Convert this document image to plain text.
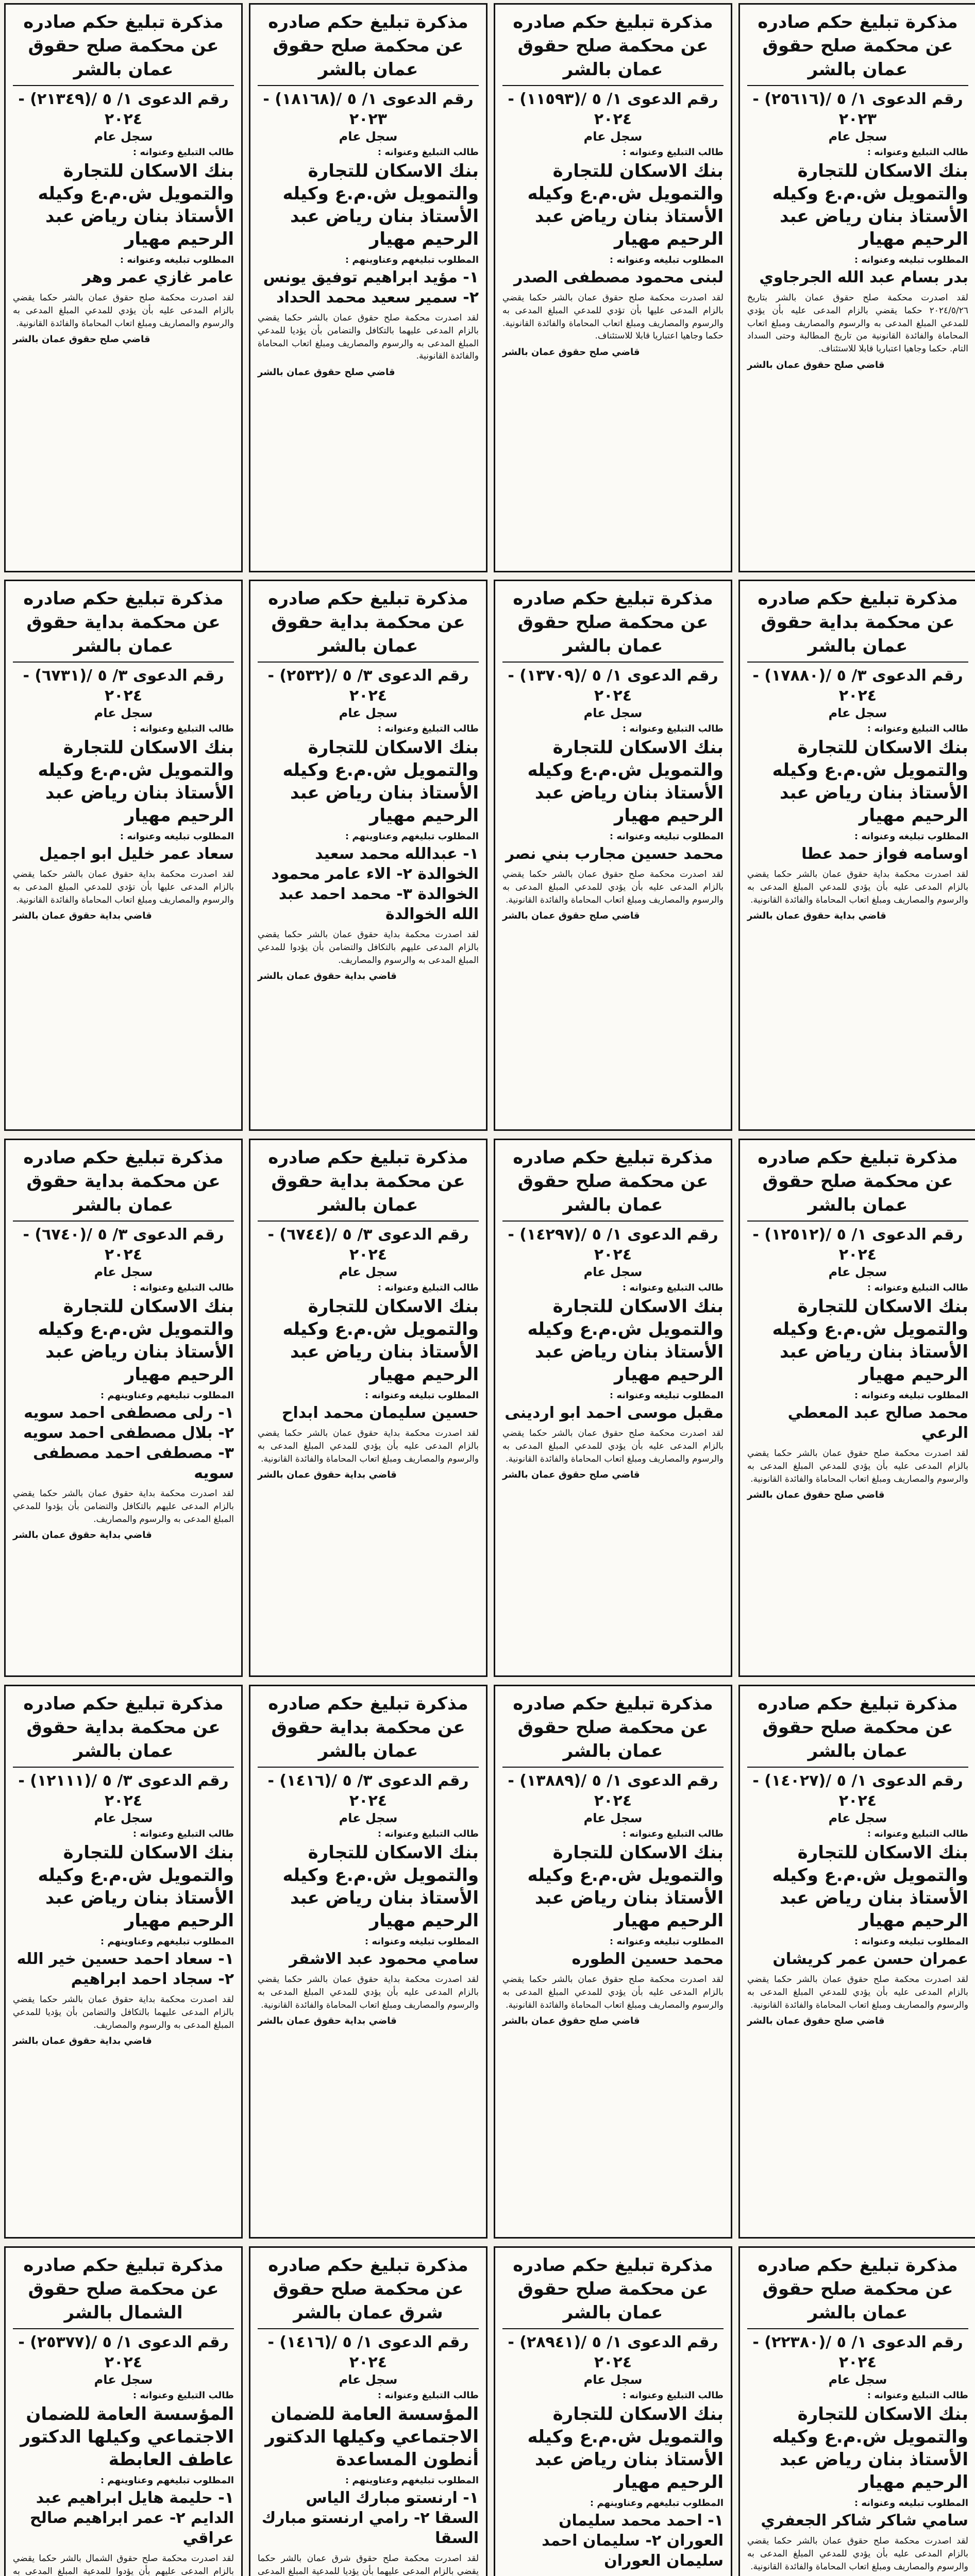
مذكرة تبليغ حكم صادره عن محكمة صلح حقوق عمان بالشر
رقم الدعوى ١/ ٥ /(٢٥٦١٦) - ٢٠٢٣
سجل عام
طالب التبليغ وعنوانه :
بنك الاسكان للتجارة والتمويل ش.م.ع وكيله الأستاذ بنان رياض عبد الرحيم مهيار
المطلوب تبليغه وعنوانه :
بدر بسام عبد الله الجرجاوي
لقد اصدرت محكمة صلح حقوق عمان بالشر بتاريخ ٢٠٢٤/٥/٢٦ حكما يقضي بالزام المدعى عليه بأن يؤدي للمدعي المبلغ المدعى به والرسوم والمصاريف ومبلغ اتعاب المحاماة والفائدة القانونية من تاريخ المطالبة وحتى السداد التام. حكما وجاهيا اعتباريا قابلا للاستئناف.
قاضي صلح حقوق عمان بالشر
مذكرة تبليغ حكم صادره عن محكمة صلح حقوق عمان بالشر
رقم الدعوى ١/ ٥ /(١١٥٩٣) - ٢٠٢٤
سجل عام
طالب التبليغ وعنوانه :
بنك الاسكان للتجارة والتمويل ش.م.ع وكيله الأستاذ بنان رياض عبد الرحيم مهيار
المطلوب تبليغه وعنوانه :
لبنى محمود مصطفى الصدر
لقد اصدرت محكمة صلح حقوق عمان بالشر حكما يقضي بالزام المدعى عليها بأن تؤدي للمدعي المبلغ المدعى به والرسوم والمصاريف ومبلغ اتعاب المحاماة والفائدة القانونية. حكما وجاهيا اعتباريا قابلا للاستئناف.
قاضي صلح حقوق عمان بالشر
مذكرة تبليغ حكم صادره عن محكمة صلح حقوق عمان بالشر
رقم الدعوى ١/ ٥ /(١٨١٦٨) - ٢٠٢٣
سجل عام
طالب التبليغ وعنوانه :
بنك الاسكان للتجارة والتمويل ش.م.ع وكيله الأستاذ بنان رياض عبد الرحيم مهيار
المطلوب تبليغهم وعناوينهم :
١- مؤيد ابراهيم توفيق يونس ٢- سمير سعيد محمد الحداد
لقد اصدرت محكمة صلح حقوق عمان بالشر حكما يقضي بالزام المدعى عليهما بالتكافل والتضامن بأن يؤديا للمدعي المبلغ المدعى به والرسوم والمصاريف ومبلغ اتعاب المحاماة والفائدة القانونية.
قاضي صلح حقوق عمان بالشر
مذكرة تبليغ حكم صادره عن محكمة صلح حقوق عمان بالشر
رقم الدعوى ١/ ٥ /(٢١٣٤٩) - ٢٠٢٤
سجل عام
طالب التبليغ وعنوانه :
بنك الاسكان للتجارة والتمويل ش.م.ع وكيله الأستاذ بنان رياض عبد الرحيم مهيار
المطلوب تبليغه وعنوانه :
عامر غازي عمر وهر
لقد اصدرت محكمة صلح حقوق عمان بالشر حكما يقضي بالزام المدعى عليه بأن يؤدي للمدعي المبلغ المدعى به والرسوم والمصاريف ومبلغ اتعاب المحاماة والفائدة القانونية.
قاضي صلح حقوق عمان بالشر
مذكرة تبليغ حكم صادره عن محكمة بداية حقوق عمان بالشر
رقم الدعوى ٣/ ٥ /(١٧٨٨٠) - ٢٠٢٤
سجل عام
طالب التبليغ وعنوانه :
بنك الاسكان للتجارة والتمويل ش.م.ع وكيله الأستاذ بنان رياض عبد الرحيم مهيار
المطلوب تبليغه وعنوانه :
اوسامه فواز حمد عطا
لقد اصدرت محكمة بداية حقوق عمان بالشر حكما يقضي بالزام المدعى عليه بأن يؤدي للمدعي المبلغ المدعى به والرسوم والمصاريف ومبلغ اتعاب المحاماة والفائدة القانونية.
قاضي بداية حقوق عمان بالشر
مذكرة تبليغ حكم صادره عن محكمة صلح حقوق عمان بالشر
رقم الدعوى ١/ ٥ /(١٣٧٠٩) - ٢٠٢٤
سجل عام
طالب التبليغ وعنوانه :
بنك الاسكان للتجارة والتمويل ش.م.ع وكيله الأستاذ بنان رياض عبد الرحيم مهيار
المطلوب تبليغه وعنوانه :
محمد حسين مجارب بني نصر
لقد اصدرت محكمة صلح حقوق عمان بالشر حكما يقضي بالزام المدعى عليه بأن يؤدي للمدعي المبلغ المدعى به والرسوم والمصاريف ومبلغ اتعاب المحاماة والفائدة القانونية.
قاضي صلح حقوق عمان بالشر
مذكرة تبليغ حكم صادره عن محكمة بداية حقوق عمان بالشر
رقم الدعوى ٣/ ٥ /(٢٥٣٢) - ٢٠٢٤
سجل عام
طالب التبليغ وعنوانه :
بنك الاسكان للتجارة والتمويل ش.م.ع وكيله الأستاذ بنان رياض عبد الرحيم مهيار
المطلوب تبليغهم وعناوينهم :
١- عبدالله محمد سعيد الخوالدة ٢- الاء عامر محمود الخوالدة ٣- محمد احمد عبد الله الخوالدة
لقد اصدرت محكمة بداية حقوق عمان بالشر حكما يقضي بالزام المدعى عليهم بالتكافل والتضامن بأن يؤدوا للمدعي المبلغ المدعى به والرسوم والمصاريف.
قاضي بداية حقوق عمان بالشر
مذكرة تبليغ حكم صادره عن محكمة بداية حقوق عمان بالشر
رقم الدعوى ٣/ ٥ /(٦٧٣١) - ٢٠٢٤
سجل عام
طالب التبليغ وعنوانه :
بنك الاسكان للتجارة والتمويل ش.م.ع وكيله الأستاذ بنان رياض عبد الرحيم مهيار
المطلوب تبليغه وعنوانه :
سعاد عمر خليل ابو اجميل
لقد اصدرت محكمة بداية حقوق عمان بالشر حكما يقضي بالزام المدعى عليها بأن تؤدي للمدعي المبلغ المدعى به والرسوم والمصاريف ومبلغ اتعاب المحاماة والفائدة القانونية.
قاضي بداية حقوق عمان بالشر
مذكرة تبليغ حكم صادره عن محكمة صلح حقوق عمان بالشر
رقم الدعوى ١/ ٥ /(١٢٥١٢) - ٢٠٢٤
سجل عام
طالب التبليغ وعنوانه :
بنك الاسكان للتجارة والتمويل ش.م.ع وكيله الأستاذ بنان رياض عبد الرحيم مهيار
المطلوب تبليغه وعنوانه :
محمد صالح عبد المعطي الرعي
لقد اصدرت محكمة صلح حقوق عمان بالشر حكما يقضي بالزام المدعى عليه بأن يؤدي للمدعي المبلغ المدعى به والرسوم والمصاريف ومبلغ اتعاب المحاماة والفائدة القانونية.
قاضي صلح حقوق عمان بالشر
مذكرة تبليغ حكم صادره عن محكمة صلح حقوق عمان بالشر
رقم الدعوى ١/ ٥ /(١٤٢٩٧) - ٢٠٢٤
سجل عام
طالب التبليغ وعنوانه :
بنك الاسكان للتجارة والتمويل ش.م.ع وكيله الأستاذ بنان رياض عبد الرحيم مهيار
المطلوب تبليغه وعنوانه :
مقبل موسى احمد ابو اردينى
لقد اصدرت محكمة صلح حقوق عمان بالشر حكما يقضي بالزام المدعى عليه بأن يؤدي للمدعي المبلغ المدعى به والرسوم والمصاريف ومبلغ اتعاب المحاماة والفائدة القانونية.
قاضي صلح حقوق عمان بالشر
مذكرة تبليغ حكم صادره عن محكمة بداية حقوق عمان بالشر
رقم الدعوى ٣/ ٥ /(٦٧٤٤) - ٢٠٢٤
سجل عام
طالب التبليغ وعنوانه :
بنك الاسكان للتجارة والتمويل ش.م.ع وكيله الأستاذ بنان رياض عبد الرحيم مهيار
المطلوب تبليغه وعنوانه :
حسين سليمان محمد ابداح
لقد اصدرت محكمة بداية حقوق عمان بالشر حكما يقضي بالزام المدعى عليه بأن يؤدي للمدعي المبلغ المدعى به والرسوم والمصاريف ومبلغ اتعاب المحاماة والفائدة القانونية.
قاضي بداية حقوق عمان بالشر
مذكرة تبليغ حكم صادره عن محكمة بداية حقوق عمان بالشر
رقم الدعوى ٣/ ٥ /(٦٧٤٠) - ٢٠٢٤
سجل عام
طالب التبليغ وعنوانه :
بنك الاسكان للتجارة والتمويل ش.م.ع وكيله الأستاذ بنان رياض عبد الرحيم مهيار
المطلوب تبليغهم وعناوينهم :
١- رلى مصطفى احمد سويه ٢- بلال مصطفى احمد سويه ٣- مصطفى احمد مصطفى سويه
لقد اصدرت محكمة بداية حقوق عمان بالشر حكما يقضي بالزام المدعى عليهم بالتكافل والتضامن بأن يؤدوا للمدعي المبلغ المدعى به والرسوم والمصاريف.
قاضي بداية حقوق عمان بالشر
مذكرة تبليغ حكم صادره عن محكمة صلح حقوق عمان بالشر
رقم الدعوى ١/ ٥ /(١٤٠٢٧) - ٢٠٢٤
سجل عام
طالب التبليغ وعنوانه :
بنك الاسكان للتجارة والتمويل ش.م.ع وكيله الأستاذ بنان رياض عبد الرحيم مهيار
المطلوب تبليغه وعنوانه :
عمران حسن عمر كريشان
لقد اصدرت محكمة صلح حقوق عمان بالشر حكما يقضي بالزام المدعى عليه بأن يؤدي للمدعي المبلغ المدعى به والرسوم والمصاريف ومبلغ اتعاب المحاماة والفائدة القانونية.
قاضي صلح حقوق عمان بالشر
مذكرة تبليغ حكم صادره عن محكمة صلح حقوق عمان بالشر
رقم الدعوى ١/ ٥ /(١٣٨٨٩) - ٢٠٢٤
سجل عام
طالب التبليغ وعنوانه :
بنك الاسكان للتجارة والتمويل ش.م.ع وكيله الأستاذ بنان رياض عبد الرحيم مهيار
المطلوب تبليغه وعنوانه :
محمد حسين الطوره
لقد اصدرت محكمة صلح حقوق عمان بالشر حكما يقضي بالزام المدعى عليه بأن يؤدي للمدعي المبلغ المدعى به والرسوم والمصاريف ومبلغ اتعاب المحاماة والفائدة القانونية.
قاضي صلح حقوق عمان بالشر
مذكرة تبليغ حكم صادره عن محكمة بداية حقوق عمان بالشر
رقم الدعوى ٣/ ٥ /(١٤١٦) - ٢٠٢٤
سجل عام
طالب التبليغ وعنوانه :
بنك الاسكان للتجارة والتمويل ش.م.ع وكيله الأستاذ بنان رياض عبد الرحيم مهيار
المطلوب تبليغه وعنوانه :
سامي محمود عبد الاشقر
لقد اصدرت محكمة بداية حقوق عمان بالشر حكما يقضي بالزام المدعى عليه بأن يؤدي للمدعي المبلغ المدعى به والرسوم والمصاريف ومبلغ اتعاب المحاماة والفائدة القانونية.
قاضي بداية حقوق عمان بالشر
مذكرة تبليغ حكم صادره عن محكمة بداية حقوق عمان بالشر
رقم الدعوى ٣/ ٥ /(١٢١١١) - ٢٠٢٤
سجل عام
طالب التبليغ وعنوانه :
بنك الاسكان للتجارة والتمويل ش.م.ع وكيله الأستاذ بنان رياض عبد الرحيم مهيار
المطلوب تبليغهم وعناوينهم :
١- سعاد احمد حسين خير الله ٢- سجاد احمد ابراهيم
لقد اصدرت محكمة بداية حقوق عمان بالشر حكما يقضي بالزام المدعى عليهما بالتكافل والتضامن بأن يؤديا للمدعي المبلغ المدعى به والرسوم والمصاريف.
قاضي بداية حقوق عمان بالشر
مذكرة تبليغ حكم صادره عن محكمة صلح حقوق عمان بالشر
رقم الدعوى ١/ ٥ /(٢٢٣٨٠) - ٢٠٢٤
سجل عام
طالب التبليغ وعنوانه :
بنك الاسكان للتجارة والتمويل ش.م.ع وكيله الأستاذ بنان رياض عبد الرحيم مهيار
المطلوب تبليغه وعنوانه :
سامي شاكر شاكر الجعفري
لقد اصدرت محكمة صلح حقوق عمان بالشر حكما يقضي بالزام المدعى عليه بأن يؤدي للمدعي المبلغ المدعى به والرسوم والمصاريف ومبلغ اتعاب المحاماة والفائدة القانونية.
مذكرة تبليغ حكم صادره عن محكمة صلح حقوق عمان بالشر
رقم الدعوى ١/ ٥ /(٢٨٩٤١) - ٢٠٢٤
سجل عام
طالب التبليغ وعنوانه :
بنك الاسكان للتجارة والتمويل ش.م.ع وكيله الأستاذ بنان رياض عبد الرحيم مهيار
المطلوب تبليغهم وعناوينهم :
١- احمد محمد سليمان العوران ٢- سليمان احمد سليمان العوران
مذكرة تبليغ حكم صادره عن محكمة صلح حقوق شرق عمان بالشر
رقم الدعوى ١/ ٥ /(١٤١٦) - ٢٠٢٤
سجل عام
طالب التبليغ وعنوانه :
المؤسسة العامة للضمان الاجتماعي وكيلها الدكتور أنطون المساعدة
المطلوب تبليغهم وعناوينهم :
١- ارنستو مبارك الياس السقا ٢- رامي ارنستو مبارك السقا
لقد اصدرت محكمة صلح حقوق شرق عمان بالشر حكما يقضي بالزام المدعى عليهما بأن يؤديا للمدعية المبلغ المدعى
مذكرة تبليغ حكم صادره عن محكمة صلح حقوق الشمال بالشر
رقم الدعوى ١/ ٥ /(٢٥٣٧٧) - ٢٠٢٤
سجل عام
طالب التبليغ وعنوانه :
المؤسسة العامة للضمان الاجتماعي وكيلها الدكتور عاطف العابطة
المطلوب تبليغهم وعناوينهم :
١- حليمة هايل ابراهيم عبد الدايم ٢- عمر ابراهيم صالح عراقي
لقد اصدرت محكمة صلح حقوق الشمال بالشر حكما يقضي بالزام المدعى عليهم بأن يؤدوا للمدعية المبلغ المدعى به
